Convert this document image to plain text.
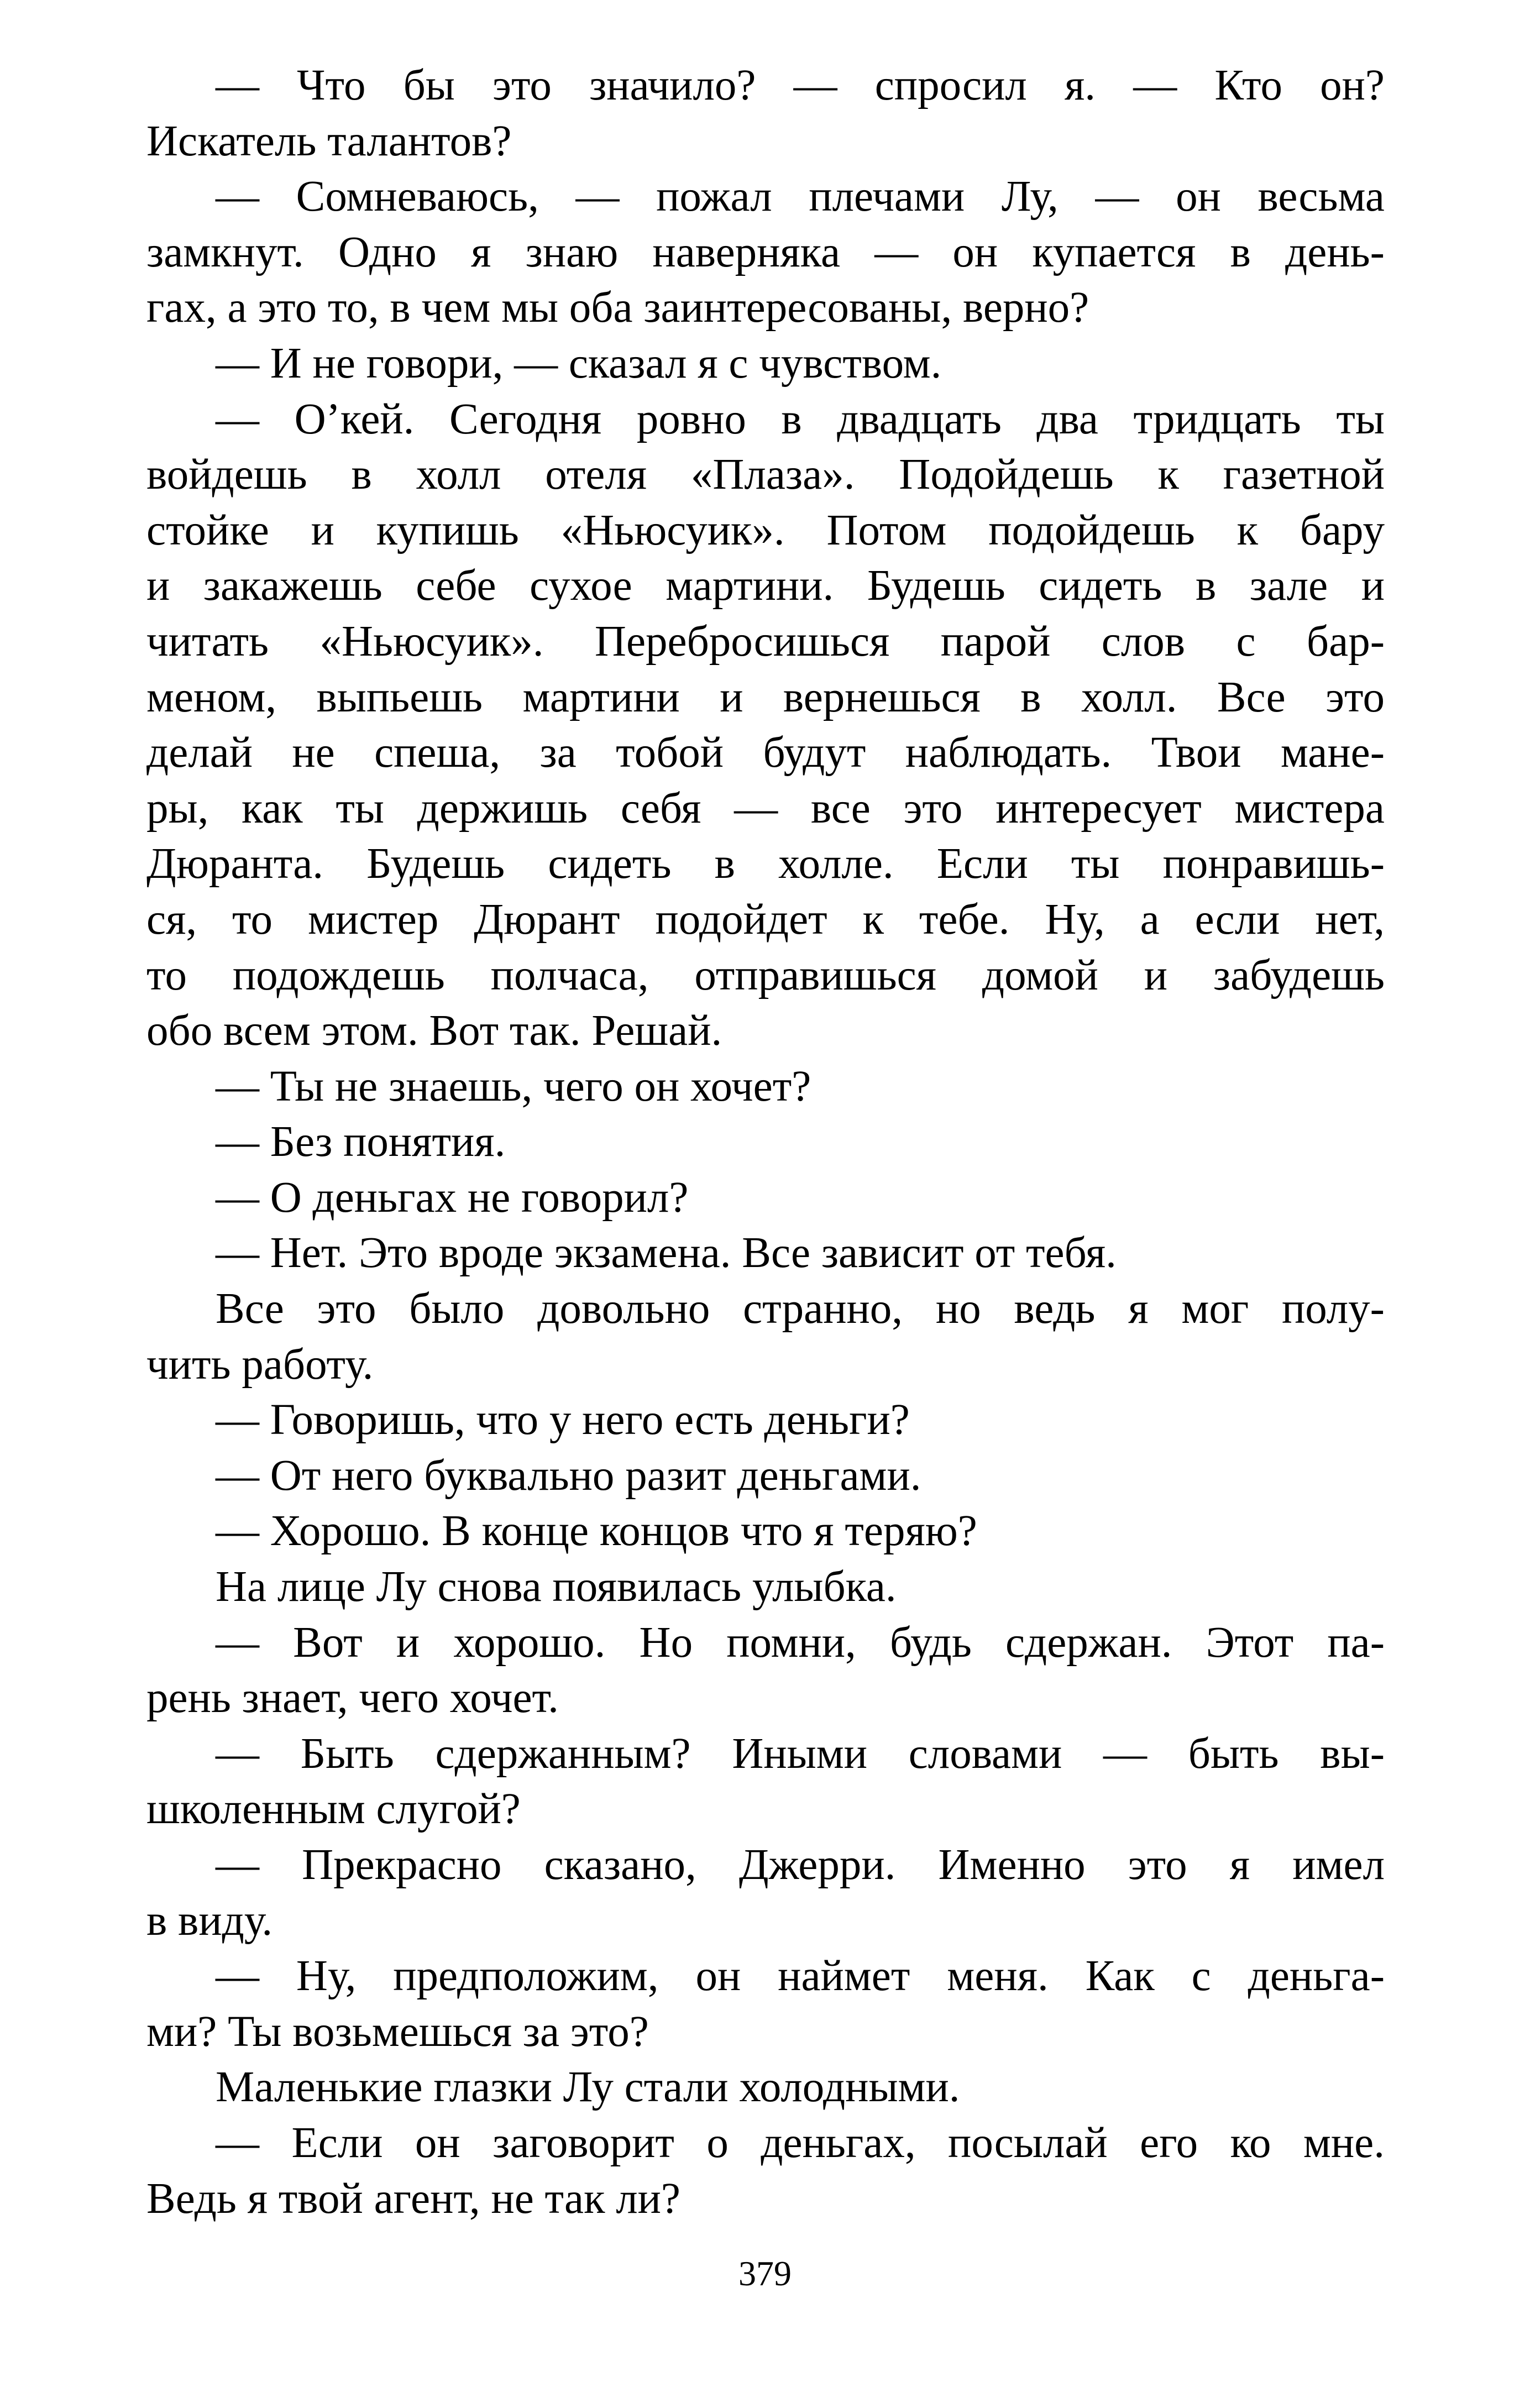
— Что бы это значило? — спросил я. — Кто он?
Искатель талантов?
— Сомневаюсь, — пожал плечами Лу, — он весьма
замкнут. Одно я знаю наверняка — он купается в день-
гах, а это то, в чем мы оба заинтересованы, верно?
— И не говори, — сказал я с чувством.
— О’кей. Сегодня ровно в двадцать два тридцать ты
войдешь в холл отеля «Плаза». Подойдешь к газетной
стойке и купишь «Ньюсуик». Потом подойдешь к бару
и закажешь себе сухое мартини. Будешь сидеть в зале и
читать «Ньюсуик». Перебросишься парой слов с бар-
меном, выпьешь мартини и вернешься в холл. Все это
делай не спеша, за тобой будут наблюдать. Твои мане-
ры, как ты держишь себя — все это интересует мистера
Дюранта. Будешь сидеть в холле. Если ты понравишь-
ся, то мистер Дюрант подойдет к тебе. Ну, а если нет,
то подождешь полчаса, отправишься домой и забудешь
обо всем этом. Вот так. Решай.
— Ты не знаешь, чего он хочет?
— Без понятия.
— О деньгах не говорил?
— Нет. Это вроде экзамена. Все зависит от тебя.
Все это было довольно странно, но ведь я мог полу-
чить работу.
— Говоришь, что у него есть деньги?
— От него буквально разит деньгами.
— Хорошо. В конце концов что я теряю?
На лице Лу снова появилась улыбка.
— Вот и хорошо. Но помни, будь сдержан. Этот па-
рень знает, чего хочет.
— Быть сдержанным? Иными словами — быть вы-
школенным слугой?
— Прекрасно сказано, Джерри. Именно это я имел
в виду.
— Ну, предположим, он наймет меня. Как с деньга-
ми? Ты возьмешься за это?
Маленькие глазки Лу стали холодными.
— Если он заговорит о деньгах, посылай его ко мне.
Ведь я твой агент, не так ли?
379
